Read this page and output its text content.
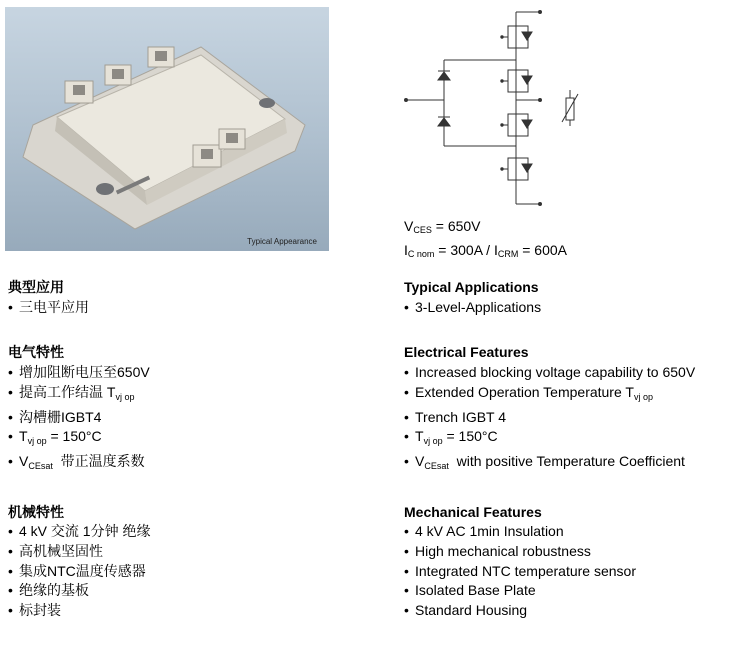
Typical Appearance
$V_{CES} = 650V$
$I_{C nom} = 300A / I_{CRM} = 600A$
典型应用
• 三电平应用
电气特性
• 增加阻断电压至650V
• 提高工作结温 $T_{vj op}$
• 沟槽栅IGBT4
• $T_{vj op} = 150^\circ C$
• $V_{CEsat}$  带正温度系数
机械特性
• 4 kV 交流 1分钟 绝缘
• 高机械坚固性
• 集成NTC温度传感器
• 绝缘的基板
• 标封装
Typical Applications
• 3-Level-Applications
Electrical Features
• Increased blocking voltage capability to 650V
• Extended Operation Temperature $T_{vj op}$
• Trench IGBT 4
• $T_{vj op} = 150^\circ C$
• $V_{CEsat}$  with positive Temperature Coefficient
Mechanical Features
• 4 kV AC 1min Insulation
• High mechanical robustness
• Integrated NTC temperature sensor
• Isolated Base Plate
• Standard Housing
